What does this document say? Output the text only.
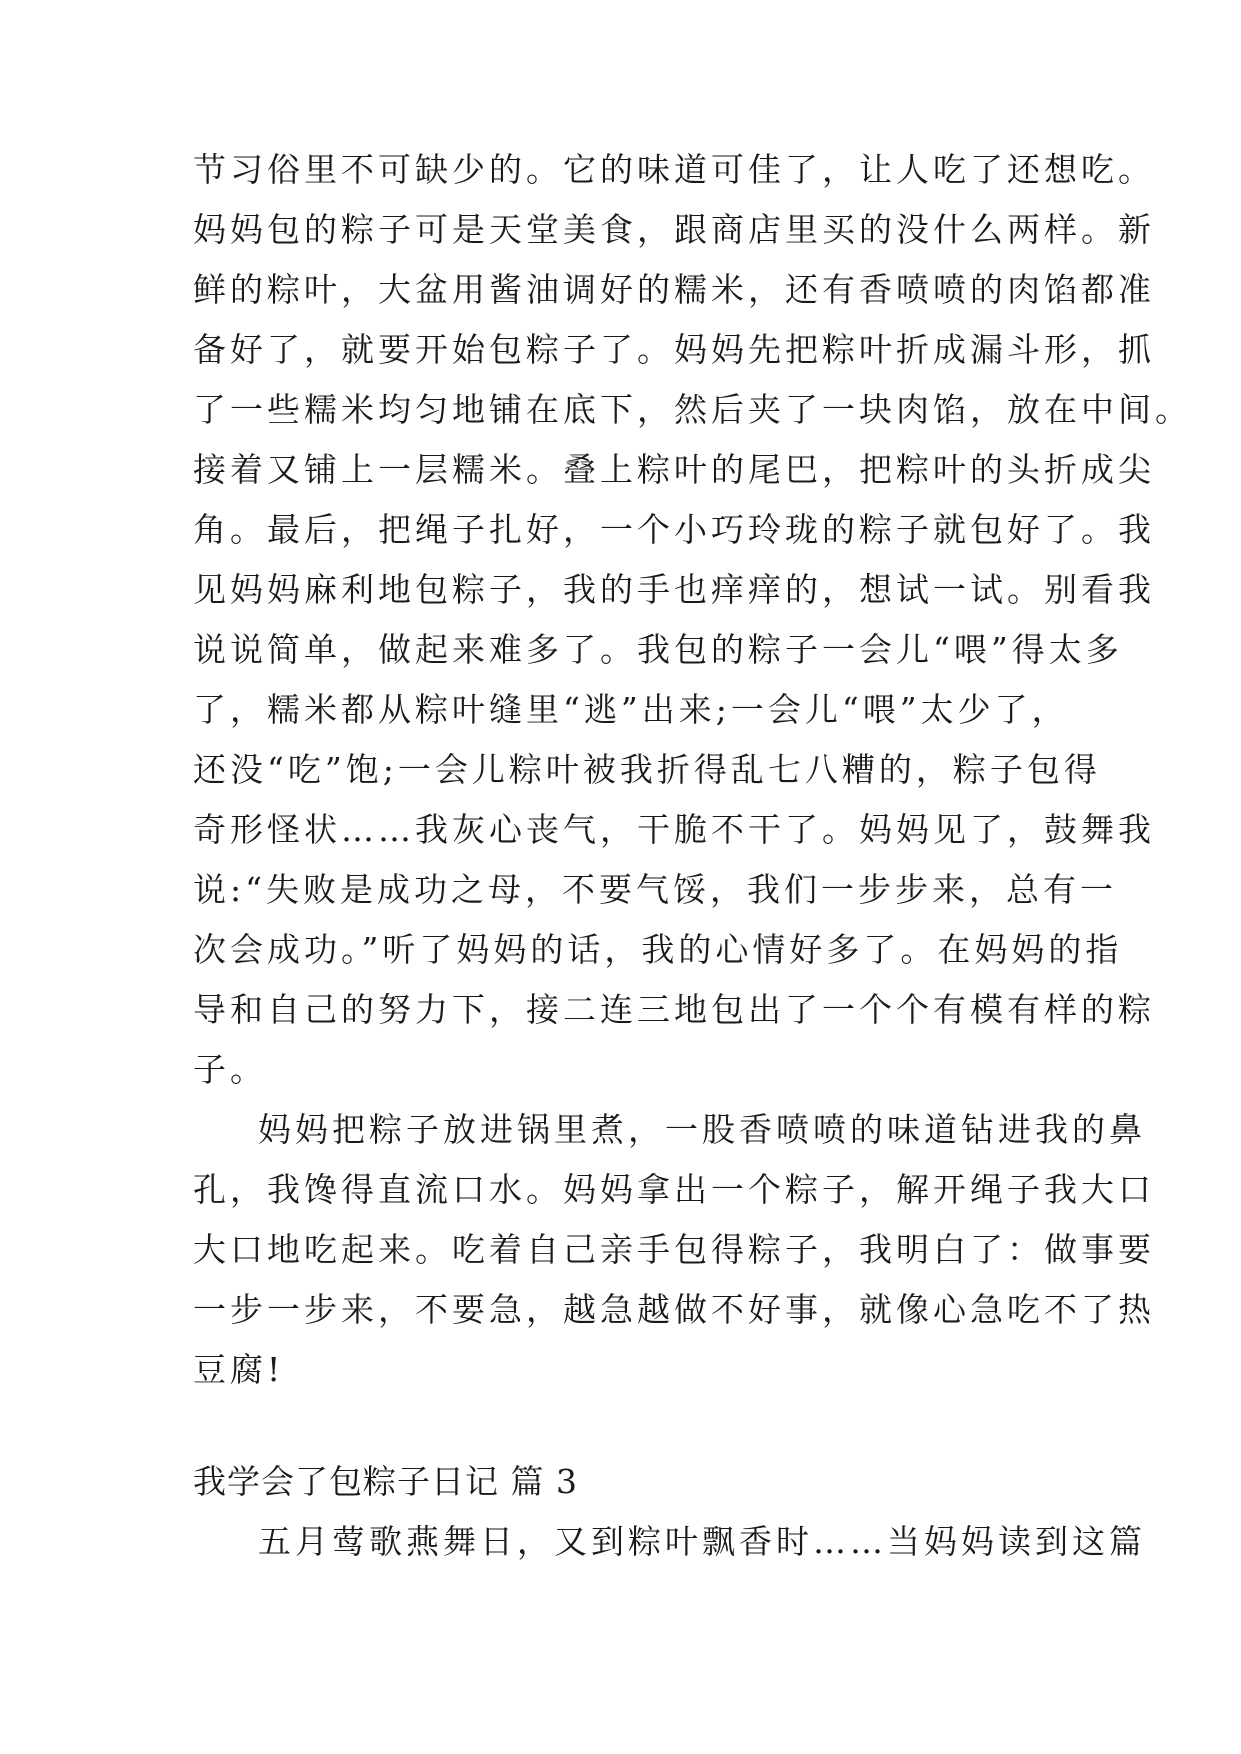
节习俗里不可缺少的。它的味道可佳了，让人吃了还想吃。
妈妈包的粽子可是天堂美食，跟商店里买的没什么两样。新
鲜的粽叶，大盆用酱油调好的糯米，还有香喷喷的肉馅都准
备好了，就要开始包粽子了。妈妈先把粽叶折成漏斗形，抓
了一些糯米均匀地铺在底下，然后夹了一块肉馅，放在中间。
接着又铺上一层糯米。叠上粽叶的尾巴，把粽叶的头折成尖
角。最后，把绳子扎好，一个小巧玲珑的粽子就包好了。我
见妈妈麻利地包粽子，我的手也痒痒的，想试一试。别看我
说说简单，做起来难多了。我包的粽子一会儿“喂”得太多
了，糯米都从粽叶缝里“逃”出来;一会儿“喂”太少了，
还没“吃”饱;一会儿粽叶被我折得乱七八糟的，粽子包得
奇形怪状……我灰心丧气，干脆不干了。妈妈见了，鼓舞我
说:“失败是成功之母，不要气馁，我们一步步来，总有一
次会成功。”听了妈妈的话，我的心情好多了。在妈妈的指
导和自己的努力下，接二连三地包出了一个个有模有样的粽
子。
妈妈把粽子放进锅里煮，一股香喷喷的味道钻进我的鼻
孔，我馋得直流口水。妈妈拿出一个粽子，解开绳子我大口
大口地吃起来。吃着自己亲手包得粽子，我明白了：做事要
一步一步来，不要急，越急越做不好事，就像心急吃不了热
豆腐!
我学会了包粽子日记 篇 3
五月莺歌燕舞日，又到粽叶飘香时……当妈妈读到这篇
